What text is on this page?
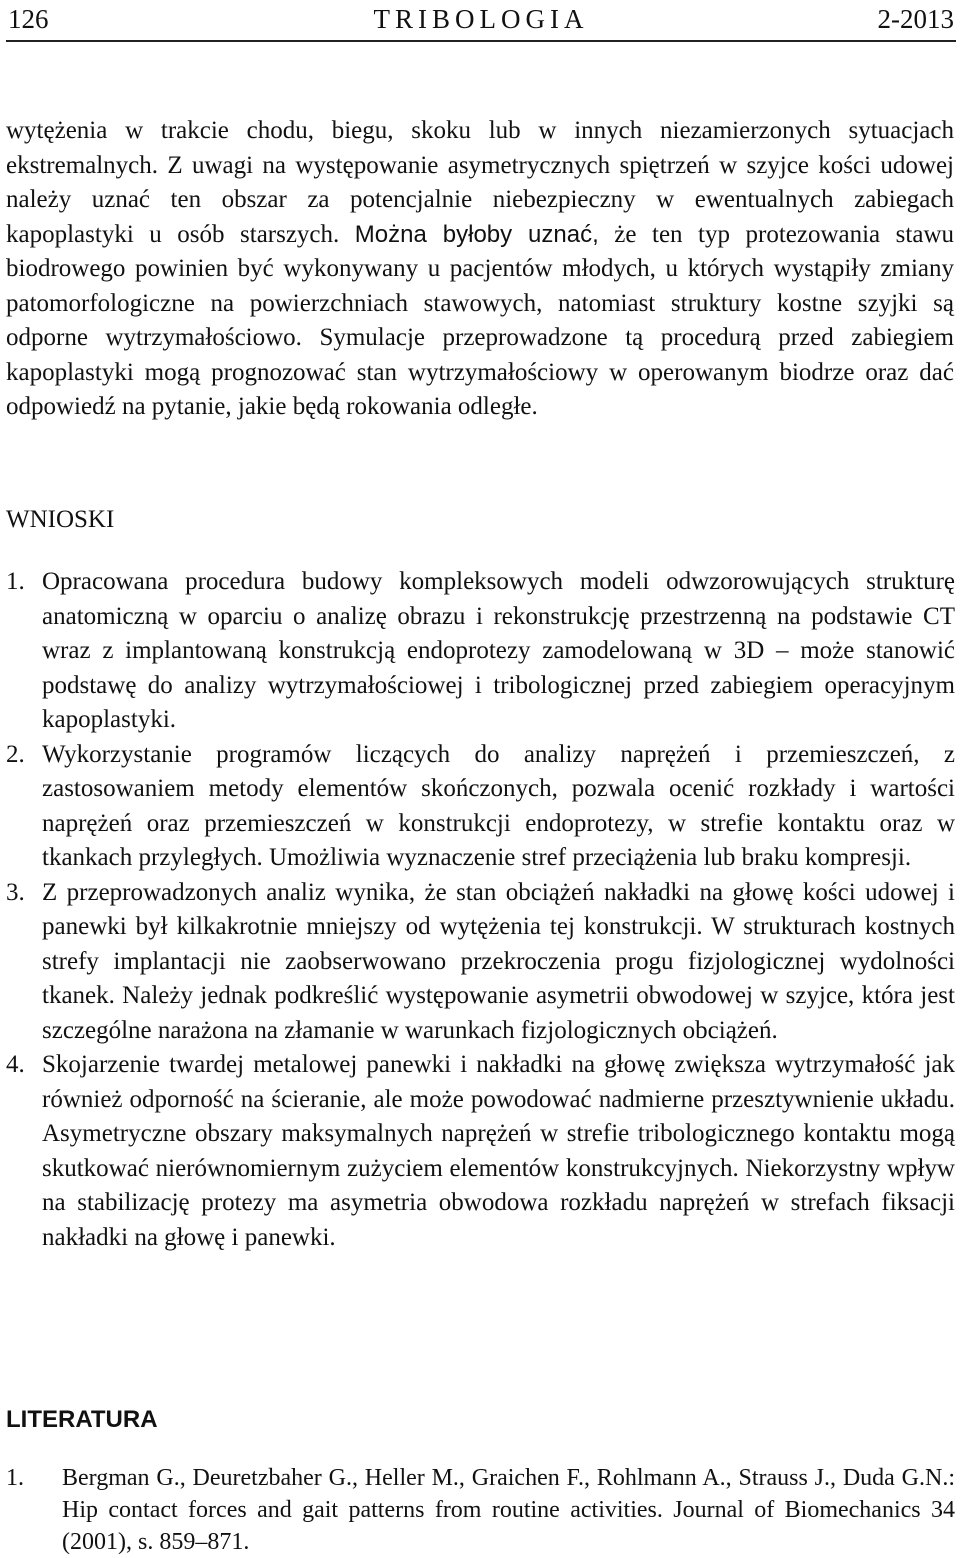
126	TRIBOLOGIA	2-2013

wytężenia w trakcie chodu, biegu, skoku lub w innych niezamierzonych sytuacjach ekstremalnych. Z uwagi na występowanie asymetrycznych spiętrzeń w szyjce kości udowej należy uznać ten obszar za potencjalnie niebezpieczny w ewentualnych zabiegach kapoplastyki u osób starszych. Można byłoby uznać, że ten typ protezowania stawu biodrowego powinien być wykonywany u pacjentów młodych, u których wystąpiły zmiany patomorfologiczne na powierzchniach stawowych, natomiast struktury kostne szyjki są odporne wytrzymałościowo. Symulacje przeprowadzone tą procedurą przed zabiegiem kapoplastyki mogą prognozować stan wytrzymałościowy w operowanym biodrze oraz dać odpowiedź na pytanie, jakie będą rokowania odległe.

WNIOSKI
1. Opracowana procedura budowy kompleksowych modeli odwzorowujących strukturę anatomiczną w oparciu o analizę obrazu i rekonstrukcję przestrzenną na podstawie CT wraz z implantowaną konstrukcją endoprotezy zamodelowaną w 3D – może stanowić podstawę do analizy wytrzymałościowej i tribologicznej przed zabiegiem operacyjnym kapoplastyki.
2. Wykorzystanie programów liczących do analizy naprężeń i przemieszczeń, z zastosowaniem metody elementów skończonych, pozwala ocenić rozkłady i wartości naprężeń oraz przemieszczeń w konstrukcji endoprotezy, w strefie kontaktu oraz w tkankach przyległych. Umożliwia wyznaczenie stref przeciążenia lub braku kompresji.
3. Z przeprowadzonych analiz wynika, że stan obciążeń nakładki na głowę kości udowej i panewki był kilkakrotnie mniejszy od wytężenia tej konstrukcji. W strukturach kostnych strefy implantacji nie zaobserwowano przekroczenia progu fizjologicznej wydolności tkanek. Należy jednak podkreślić występowanie asymetrii obwodowej w szyjce, która jest szczególne narażona na złamanie w warunkach fizjologicznych obciążeń.
4. Skojarzenie twardej metalowej panewki i nakładki na głowę zwiększa wytrzymałość jak również odporność na ścieranie, ale może powodować nadmierne przesztywnienie układu. Asymetryczne obszary maksymalnych naprężeń w strefie tribologicznego kontaktu mogą skutkować nierównomiernym zużyciem elementów konstrukcyjnych. Niekorzystny wpływ na stabilizację protezy ma asymetria obwodowa rozkładu naprężeń w strefach fiksacji nakładki na głowę i panewki.
LITERATURA
1. Bergman G., Deuretzbaher G., Heller M., Graichen F., Rohlmann A., Strauss J., Duda G.N.: Hip contact forces and gait patterns from routine activities. Journal of Biomechanics 34 (2001), s. 859–871.
